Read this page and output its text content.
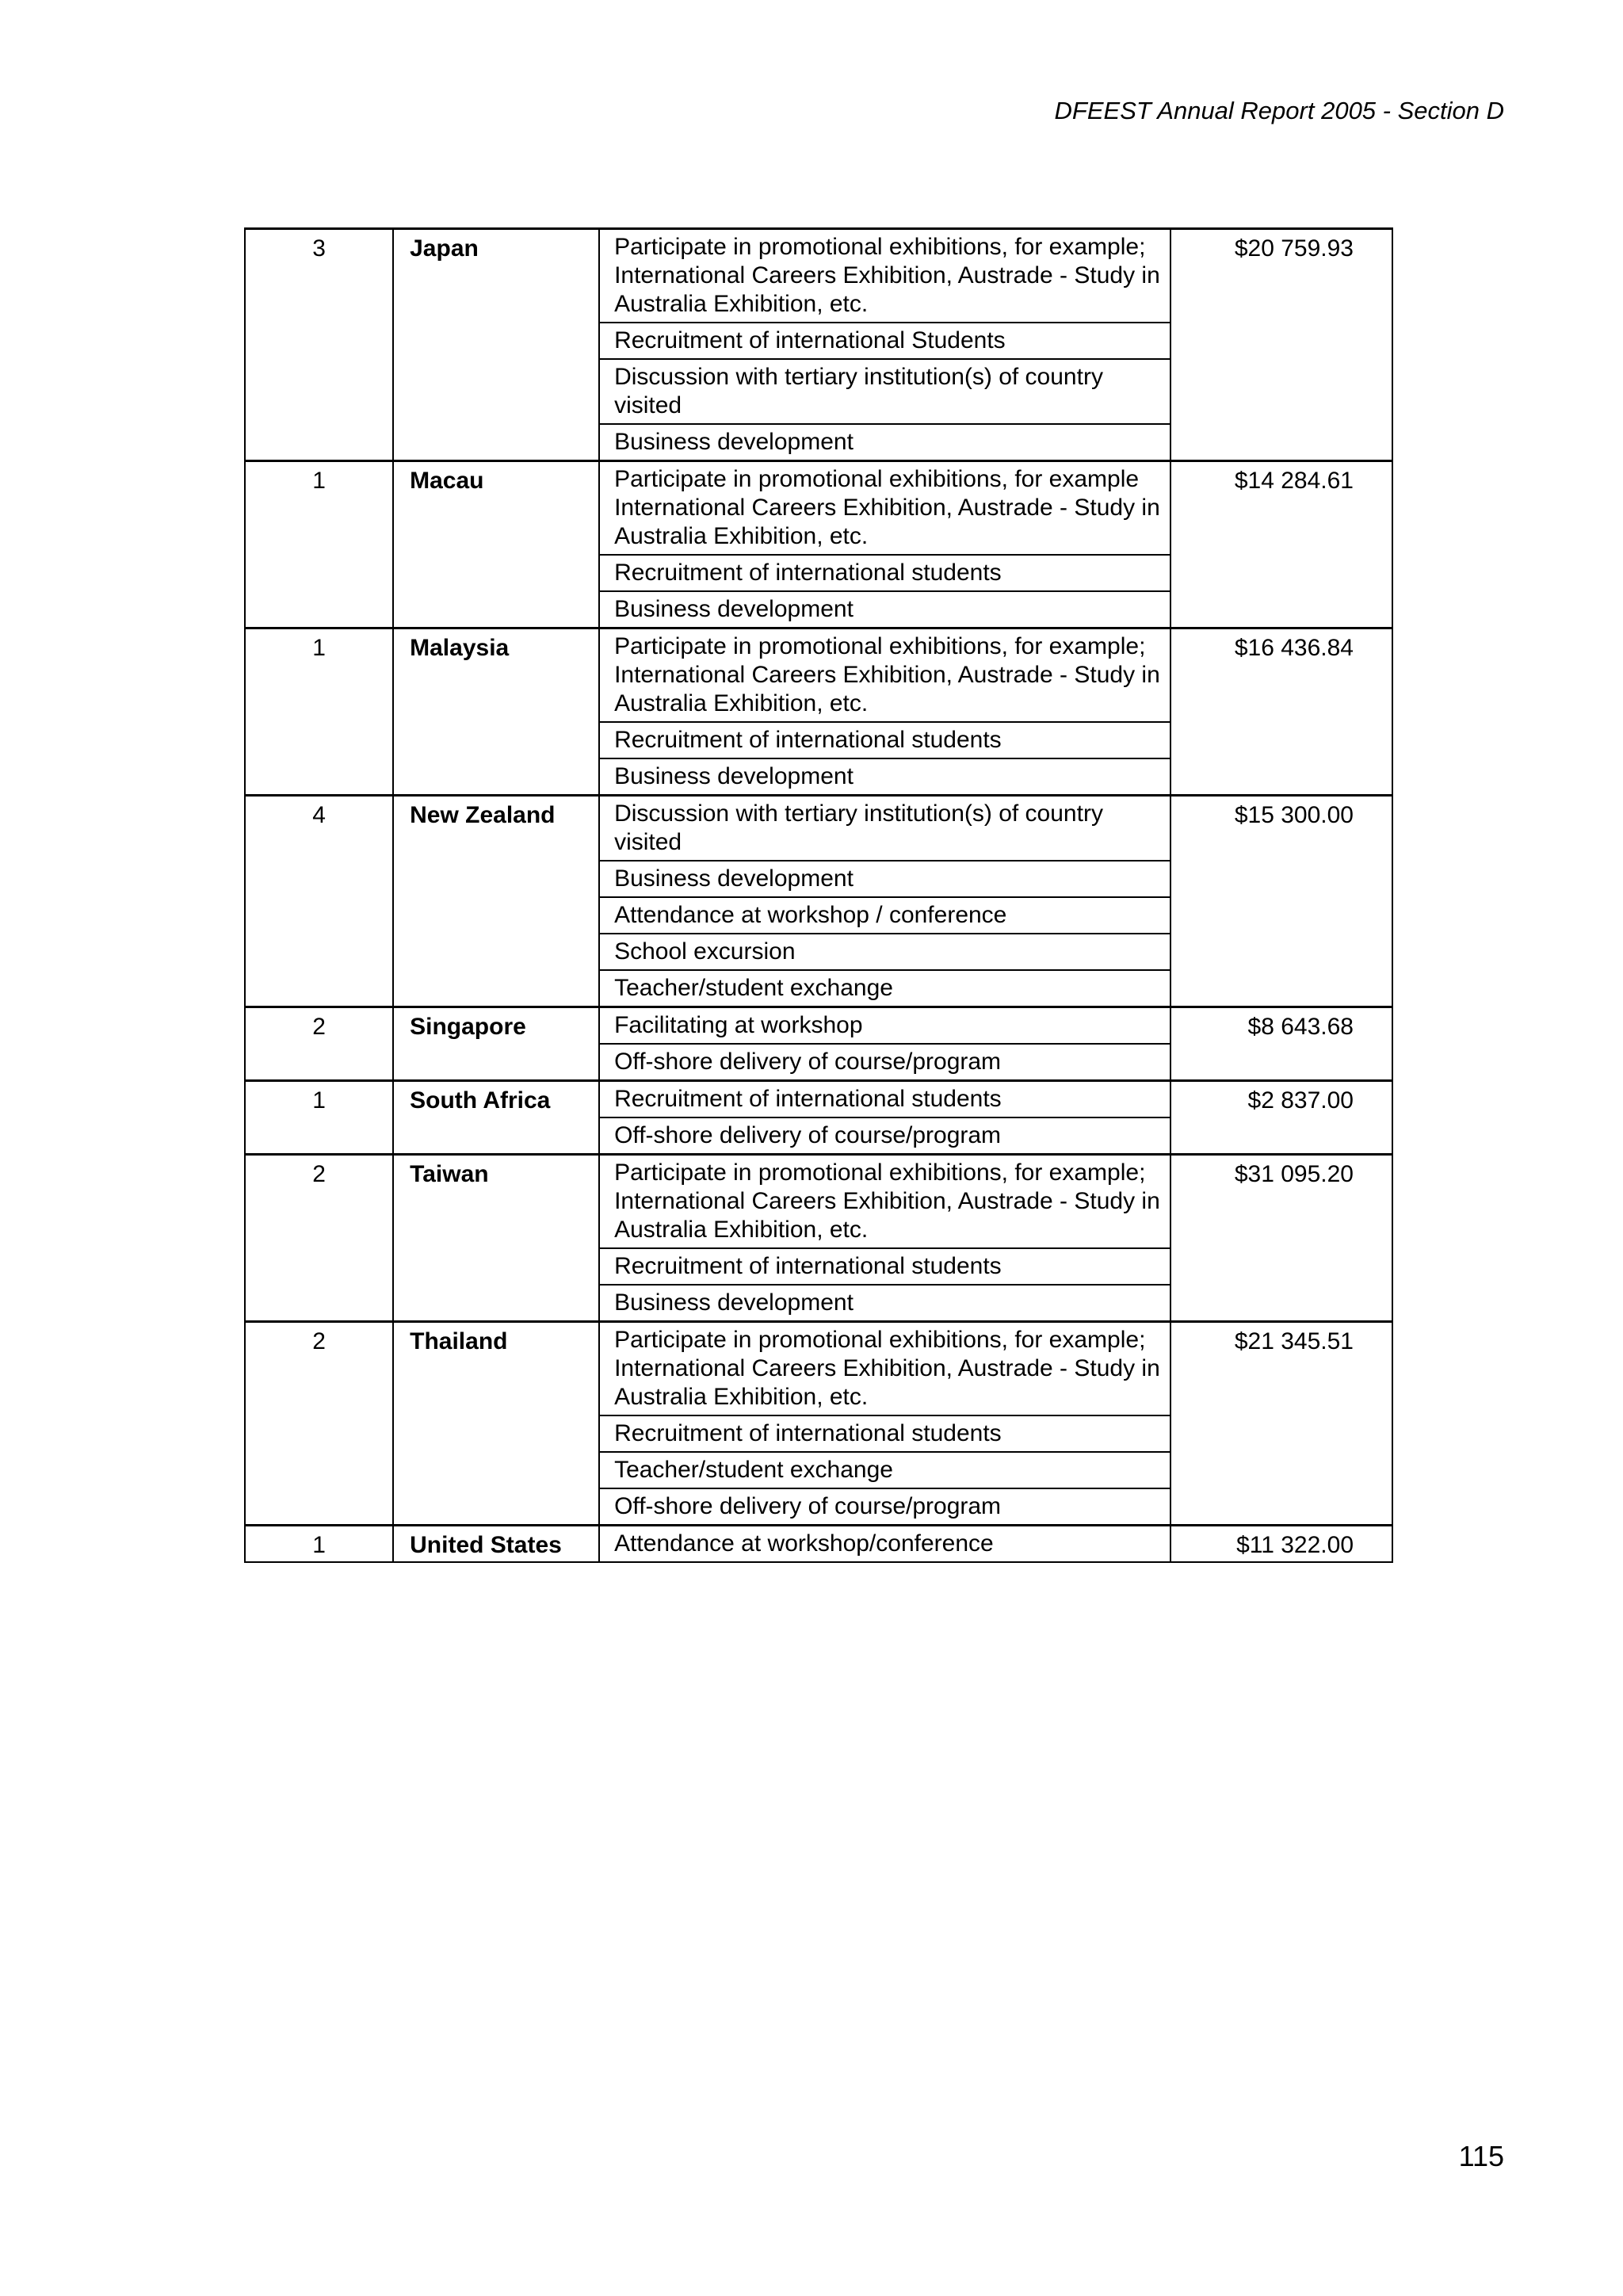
DFEEST Annual Report 2005 - Section D
3	Japan	Participate in promotional exhibitions, for example; International Careers Exhibition, Austrade - Study in Australia Exhibition, etc.	$20 759.93
		Recruitment of international Students	
		Discussion with tertiary institution(s) of country visited	
		Business development	
1	Macau	Participate in promotional exhibitions, for example International Careers Exhibition, Austrade - Study in Australia Exhibition, etc.	$14 284.61
		Recruitment of international students	
		Business development	
1	Malaysia	Participate in promotional exhibitions, for example; International Careers Exhibition, Austrade - Study in Australia Exhibition, etc.	$16 436.84
		Recruitment of international students	
		Business development	
4	New Zealand	Discussion with tertiary institution(s) of country visited	$15 300.00
		Business development	
		Attendance at workshop / conference	
		School excursion	
		Teacher/student exchange	
2	Singapore	Facilitating at workshop	$8 643.68
		Off-shore delivery of course/program	
1	South Africa	Recruitment of international students	$2 837.00
		Off-shore delivery of course/program	
2	Taiwan	Participate in promotional exhibitions, for example; International Careers Exhibition, Austrade - Study in Australia Exhibition, etc.	$31 095.20
		Recruitment of international students	
		Business development	
2	Thailand	Participate in promotional exhibitions, for example; International Careers Exhibition, Austrade - Study in Australia Exhibition, etc.	$21 345.51
		Recruitment of international students	
		Teacher/student exchange	
		Off-shore delivery of course/program	
1	United States	Attendance at workshop/conference	$11 322.00
115
